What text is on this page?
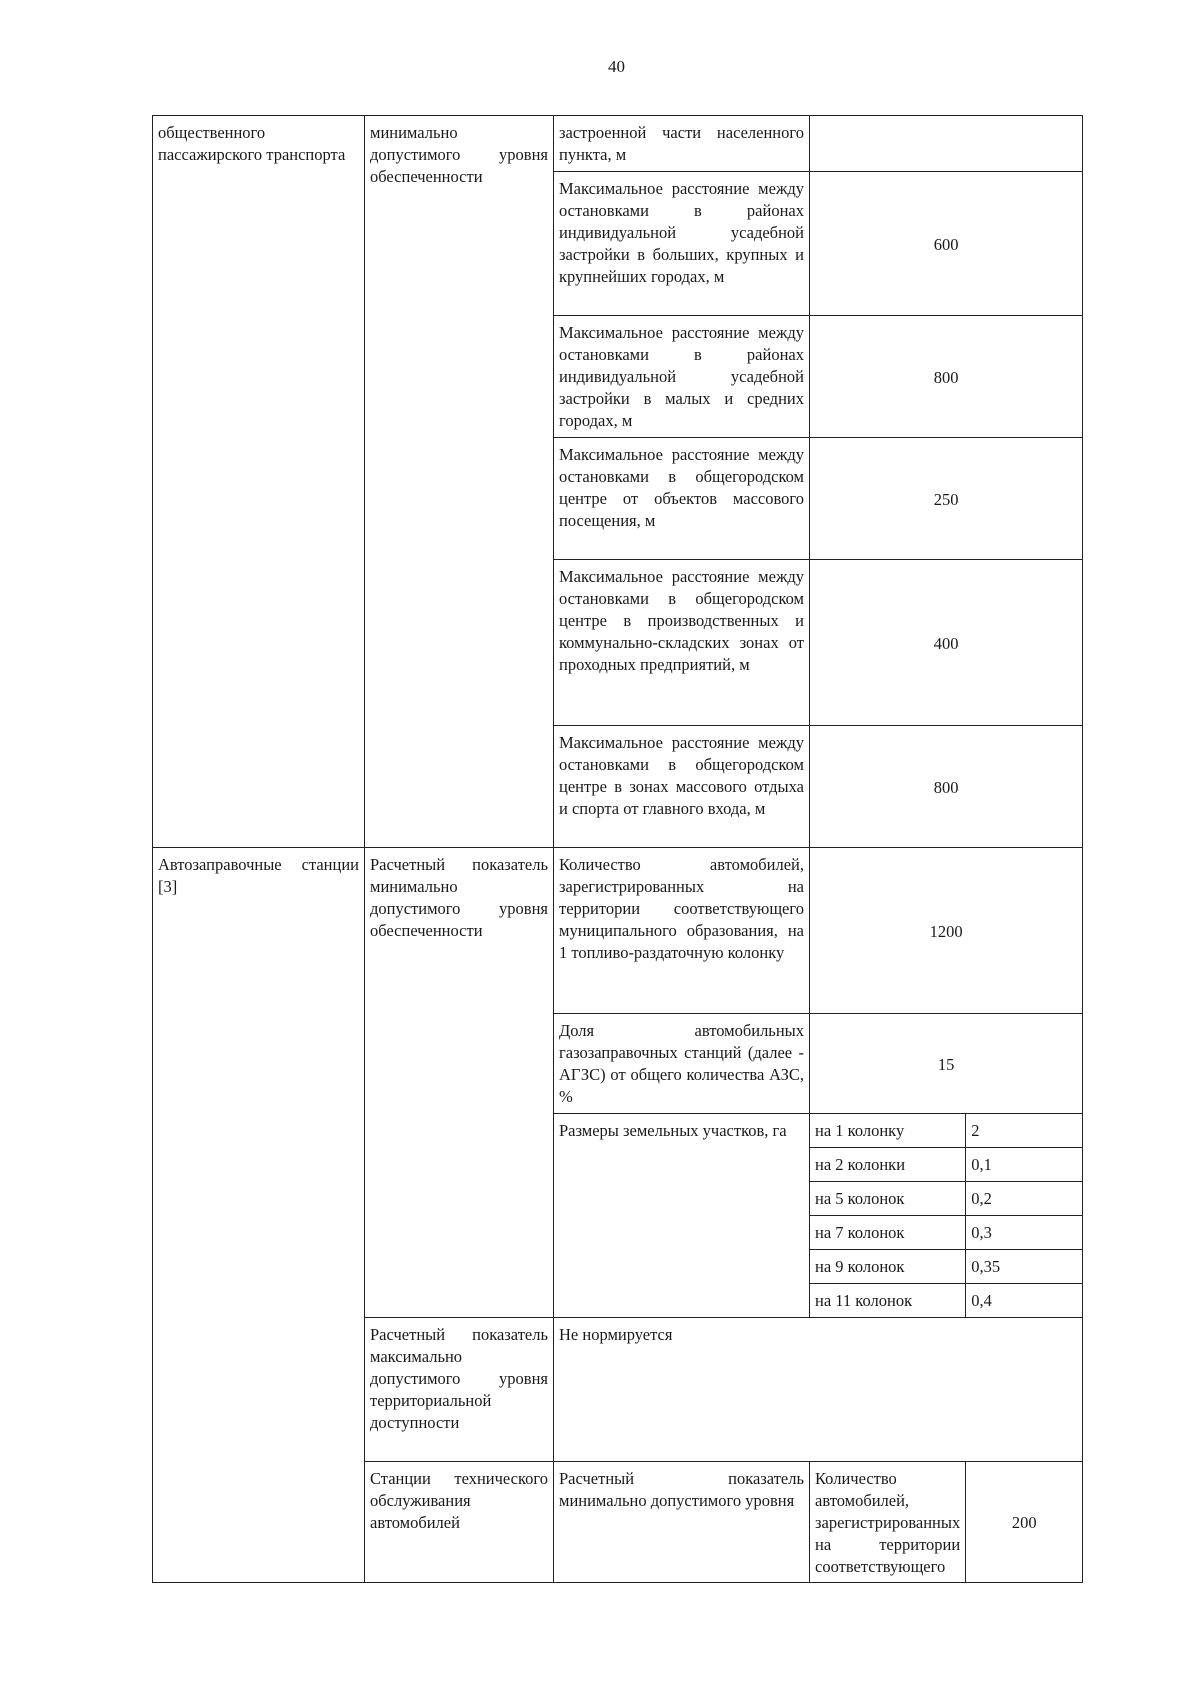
40
общественного пассажирского транспорта	минимально допустимого уровня обеспеченности	застроенной части населенного пункта, м		
		Максимальное расстояние между остановками в районах индивидуальной усадебной застройки в больших, крупных и крупнейших городах, м	600	
		Максимальное расстояние между остановками в районах индивидуальной усадебной застройки в малых и средних городах, м	800	
		Максимальное расстояние между остановками в общегородском центре от объектов массового посещения, м	250	
		Максимальное расстояние между остановками в общегородском центре в производственных и коммунально-складских зонах от проходных предприятий, м	400	
		Максимальное расстояние между остановками в общегородском центре в зонах массового отдыха и спорта от главного входа, м	800	
Автозаправочные станции [3]	Расчетный показатель минимально допустимого уровня обеспеченности	Количество автомобилей, зарегистрированных на территории соответствующего муниципального образования, на 1 топливо-раздаточную колонку	1200	
		Доля автомобильных газозаправочных станций (далее - АГЗС) от общего количества АЗС, %	15	
		Размеры земельных участков, га	на 1 колонку	2
			на 2 колонки	0,1
			на 5 колонок	0,2
			на 7 колонок	0,3
			на 9 колонок	0,35
			на 11 колонок	0,4
	Расчетный показатель максимально допустимого уровня территориальной доступности	Не нормируется		
	Станции технического обслуживания автомобилей	Расчетный показатель минимально допустимого уровня	Количество автомобилей, зарегистрированных на территории соответствующего	200
